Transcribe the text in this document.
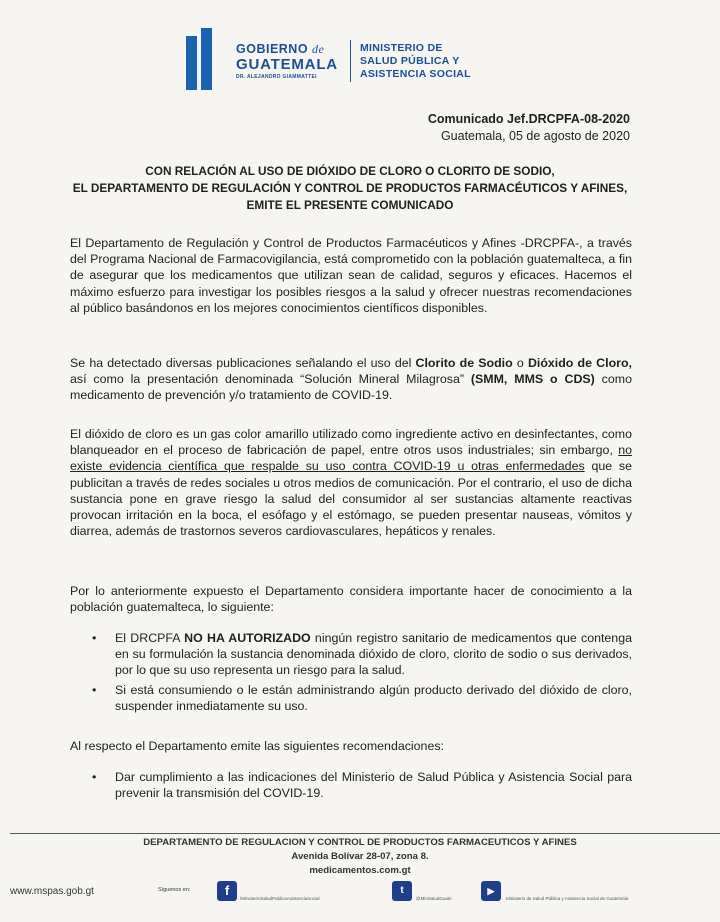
GOBIERNO de
GUATEMALA
DR. ALEJANDRO GIAMMATTEI
MINISTERIO DE
SALUD PÚBLICA Y
ASISTENCIA SOCIAL
Comunicado Jef.DRCPFA-08-2020
Guatemala, 05 de agosto de 2020
CON RELACIÓN AL USO DE DIÓXIDO DE CLORO O CLORITO DE SODIO,
EL DEPARTAMENTO DE REGULACIÓN Y CONTROL DE PRODUCTOS FARMACÉUTICOS Y AFINES,
EMITE EL PRESENTE COMUNICADO

El Departamento de Regulación y Control de Productos Farmacéuticos y Afines -DRCPFA-, a través del Programa Nacional de Farmacovigilancia, está comprometido con la población guatemalteca, a fin de asegurar que los medicamentos que utilizan sean de calidad, seguros y eficaces. Hacemos el máximo esfuerzo para investigar los posibles riesgos a la salud y ofrecer nuestras recomendaciones al público basándonos en los mejores conocimientos científicos disponibles.

Se ha detectado diversas publicaciones señalando el uso del Clorito de Sodio o Dióxido de Cloro, así como la presentación denominada “Solución Mineral Milagrosa” (SMM, MMS o CDS) como medicamento de prevención y/o tratamiento de COVID-19.

El dióxido de cloro es un gas color amarillo utilizado como ingrediente activo en desinfectantes, como blanqueador en el proceso de fabricación de papel, entre otros usos industriales; sin embargo, no existe evidencia científica que respalde su uso contra COVID-19 u otras enfermedades que se publicitan a través de redes sociales u otros medios de comunicación. Por el contrario, el uso de dicha sustancia pone en grave riesgo la salud del consumidor al ser sustancias altamente reactivas provocan irritación en la boca, el esófago y el estómago, se pueden presentar nauseas, vómitos y diarrea, además de trastornos severos cardiovasculares, hepáticos y renales.

Por lo anteriormente expuesto el Departamento considera importante hacer de conocimiento a la población guatemalteca, lo siguiente:

• El DRCPFA NO HA AUTORIZADO ningún registro sanitario de medicamentos que contenga en su formulación la sustancia denominada dióxido de cloro, clorito de sodio o sus derivados, por lo que su uso representa un riesgo para la salud.
• Si está consumiendo o le están administrando algún producto derivado del dióxido de cloro, suspender inmediatamente su uso.

Al respecto el Departamento emite las siguientes recomendaciones:

• Dar cumplimiento a las indicaciones del Ministerio de Salud Pública y Asistencia Social para prevenir la transmisión del COVID-19.
DEPARTAMENTO DE REGULACION Y CONTROL DE PRODUCTOS FARMACEUTICOS Y AFINES
Avenida Bolívar 28-07, zona 8.
medicamentos.com.gt
www.mspas.gob.gt	Síguenos en:	f
/MinisterioSaludPublicaAsistenciaSocial
t
@MinSaludGuate
▶
Ministerio de Salud Pública y Asistencia Social de Guatemala
